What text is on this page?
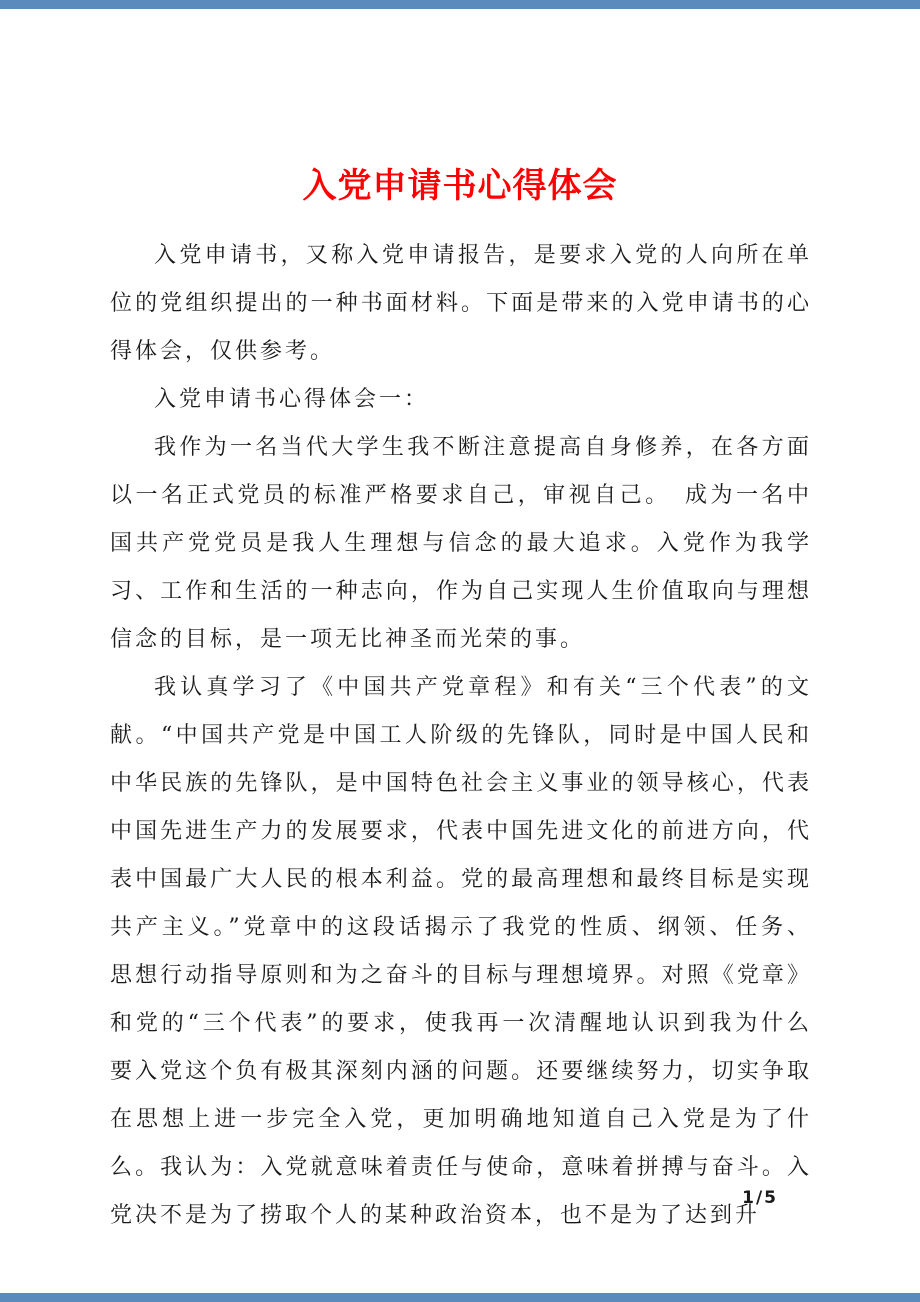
入党申请书心得体会

入党申请书，又称入党申请报告，是要求入党的人向所在单位的党组织提出的一种书面材料。下面是带来的入党申请书的心得体会，仅供参考。

入党申请书心得体会一：

我作为一名当代大学生我不断注意提高自身修养，在各方面以一名正式党员的标准严格要求自己，审视自己。　成为一名中国共产党党员是我人生理想与信念的最大追求。入党作为我学习、工作和生活的一种志向，作为自己实现人生价值取向与理想信念的目标，是一项无比神圣而光荣的事。

我认真学习了《中国共产党章程》和有关“三个代表”的文献。“中国共产党是中国工人阶级的先锋队，同时是中国人民和中华民族的先锋队，是中国特色社会主义事业的领导核心，代表中国先进生产力的发展要求，代表中国先进文化的前进方向，代表中国最广大人民的根本利益。党的最高理想和最终目标是实现共产主义。”党章中的这段话揭示了我党的性质、纲领、任务、思想行动指导原则和为之奋斗的目标与理想境界。对照《党章》和党的“三个代表”的要求，使我再一次清醒地认识到我为什么要入党这个负有极其深刻内涵的问题。还要继续努力，切实争取在思想上进一步完全入党，更加明确地知道自己入党是为了什么。我认为：入党就意味着责任与使命，意味着拼搏与奋斗。入党决不是为了捞取个人的某种政治资本，也不是为了达到升

1/5
